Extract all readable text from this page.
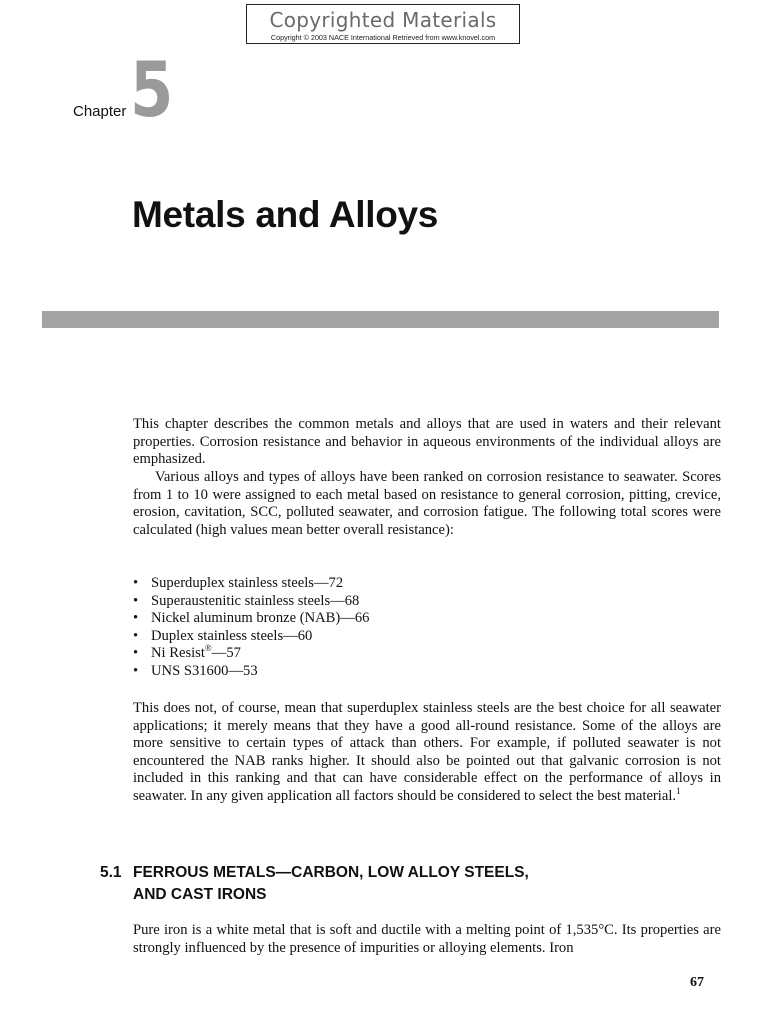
Copyrighted Materials
Copyright © 2003 NACE International Retrieved from www.knovel.com
Chapter 5
Metals and Alloys

This chapter describes the common metals and alloys that are used in waters and their relevant properties. Corrosion resistance and behavior in aqueous environments of the individual alloys are emphasized.

Various alloys and types of alloys have been ranked on corrosion resistance to seawater. Scores from 1 to 10 were assigned to each metal based on resistance to general corrosion, pitting, crevice, erosion, cavitation, SCC, polluted seawater, and corrosion fatigue. The following total scores were calculated (high values mean better overall resistance):

• Superduplex stainless steels—72
• Superaustenitic stainless steels—68
• Nickel aluminum bronze (NAB)—66
• Duplex stainless steels—60
• Ni Resist®—57
• UNS S31600—53

This does not, of course, mean that superduplex stainless steels are the best choice for all seawater applications; it merely means that they have a good all-round resistance. Some of the alloys are more sensitive to certain types of attack than others. For example, if polluted seawater is not encountered the NAB ranks higher. It should also be pointed out that galvanic corrosion is not included in this ranking and that can have considerable effect on the performance of alloys in seawater. In any given application all factors should be considered to select the best material.$^1$

5.1 FERROUS METALS—CARBON, LOW ALLOY STEELS,
AND CAST IRONS

Pure iron is a white metal that is soft and ductile with a melting point of 1,535°C. Its properties are strongly influenced by the presence of impurities or alloying elements. Iron

67
